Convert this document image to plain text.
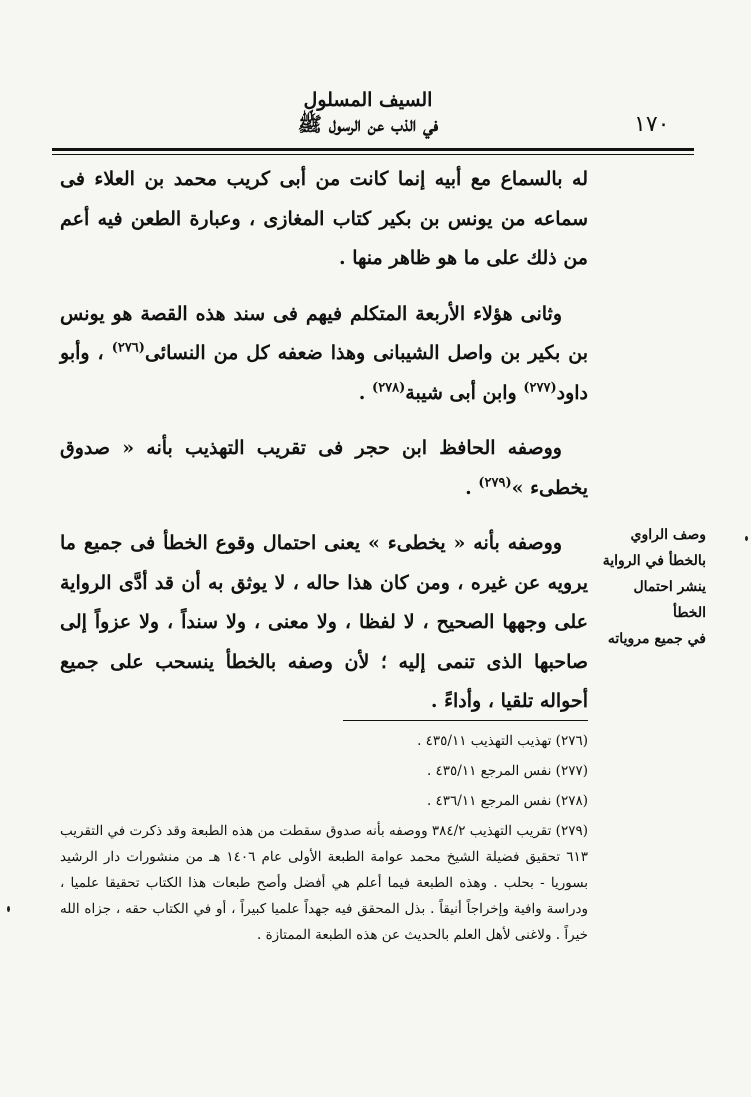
١٧٠
السيف المسلول
في الذب عن الرسول ﷺ

له بالسماع مع أبيه إنما كانت من أبى كريب محمد بن العلاء فى سماعه من يونس بن بكير كتاب المغازى ، وعبارة الطعن فيه أعم من ذلك على ما هو ظاهر منها .

وثانى هؤلاء الأربعة المتكلم فيهم فى سند هذه القصة هو يونس بن بكير بن واصل الشيبانى وهذا ضعفه كل من النسائى$^{(٢٧٦)}$ ، وأبو داود$^{(٢٧٧)}$ وابن أبى شيبة$^{(٢٧٨)}$ .

ووصفه الحافظ ابن حجر فى تقريب التهذيب بأنه « صدوق يخطىء »$^{(٢٧٩)}$ .

ووصفه بأنه « يخطىء » يعنى احتمال وقوع الخطأ فى جميع ما يرويه عن غيره ، ومن كان هذا حاله ، لا يوثق به أن قد أدَّى الرواية على وجهها الصحيح ، لا لفظا ، ولا معنى ، ولا سنداً ، ولا عزواً إلى صاحبها الذى تنمى إليه ؛ لأن وصفه بالخطأ ينسحب على جميع أحواله تلقيا ، وأداءً .

وصف الراوي
بالخطأ في الرواية
ينشر احتمال الخطأ
في جميع مروياته

(٢٧٦) تهذيب التهذيب ٤٣٥/١١ .

(٢٧٧) نفس المرجع ٤٣٥/١١ .

(٢٧٨) نفس المرجع ٤٣٦/١١ .

(٢٧٩) تقريب التهذيب ٣٨٤/٢ ووصفه بأنه صدوق سقطت من هذه الطبعة وقد ذكرت في التقريب ٦١٣ تحقيق فضيلة الشيخ محمد عوامة الطبعة الأولى عام ١٤٠٦ هـ من منشورات دار الرشيد بسوريا - بحلب . وهذه الطبعة فيما أعلم هي أفضل وأصح طبعات هذا الكتاب تحقيقا علميا ، ودراسة وافية وإخراجاً أنيقاً . بذل المحقق فيه جهداً علميا كبيراً ، أو في الكتاب حقه ، جزاه الله خيراً . ولاغنى لأهل العلم بالحديث عن هذه الطبعة الممتازة .
